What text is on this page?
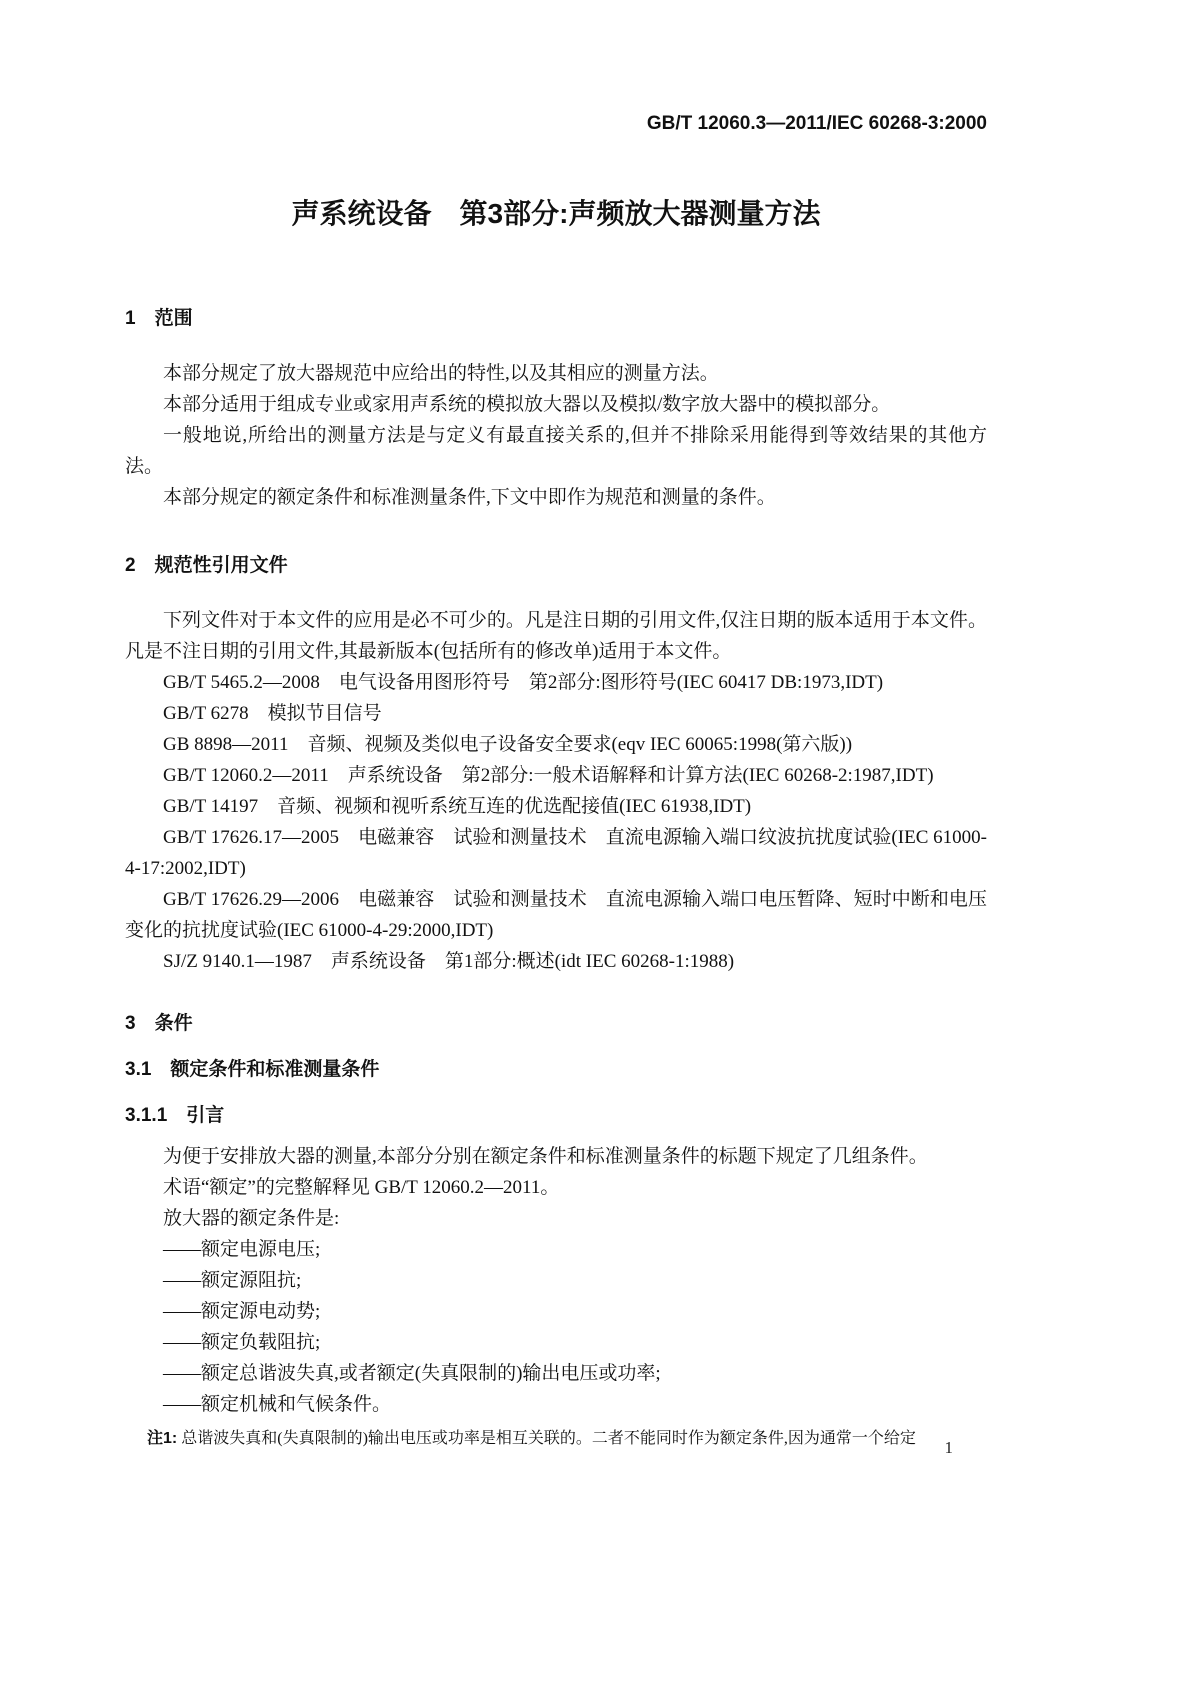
GB/T 12060.3—2011/IEC 60268-3:2000
声系统设备　第3部分:声频放大器测量方法
1　范围

本部分规定了放大器规范中应给出的特性,以及其相应的测量方法。

本部分适用于组成专业或家用声系统的模拟放大器以及模拟/数字放大器中的模拟部分。

一般地说,所给出的测量方法是与定义有最直接关系的,但并不排除采用能得到等效结果的其他方法。

本部分规定的额定条件和标准测量条件,下文中即作为规范和测量的条件。

2　规范性引用文件

下列文件对于本文件的应用是必不可少的。凡是注日期的引用文件,仅注日期的版本适用于本文件。凡是不注日期的引用文件,其最新版本(包括所有的修改单)适用于本文件。

GB/T 5465.2—2008　电气设备用图形符号　第2部分:图形符号(IEC 60417 DB:1973,IDT)

GB/T 6278　模拟节目信号

GB 8898—2011　音频、视频及类似电子设备安全要求(eqv IEC 60065:1998(第六版))

GB/T 12060.2—2011　声系统设备　第2部分:一般术语解释和计算方法(IEC 60268-2:1987,IDT)

GB/T 14197　音频、视频和视听系统互连的优选配接值(IEC 61938,IDT)

GB/T 17626.17—2005　电磁兼容　试验和测量技术　直流电源输入端口纹波抗扰度试验(IEC 61000-4-17:2002,IDT)

GB/T 17626.29—2006　电磁兼容　试验和测量技术　直流电源输入端口电压暂降、短时中断和电压变化的抗扰度试验(IEC 61000-4-29:2000,IDT)

SJ/Z 9140.1—1987　声系统设备　第1部分:概述(idt IEC 60268-1:1988)

3　条件
3.1　额定条件和标准测量条件
3.1.1　引言

为便于安排放大器的测量,本部分分别在额定条件和标准测量条件的标题下规定了几组条件。

术语“额定”的完整解释见 GB/T 12060.2—2011。

放大器的额定条件是:

——额定电源电压;

——额定源阻抗;

——额定源电动势;

——额定负载阻抗;

——额定总谐波失真,或者额定(失真限制的)输出电压或功率;

——额定机械和气候条件。

注1: 总谐波失真和(失真限制的)输出电压或功率是相互关联的。二者不能同时作为额定条件,因为通常一个给定	1
